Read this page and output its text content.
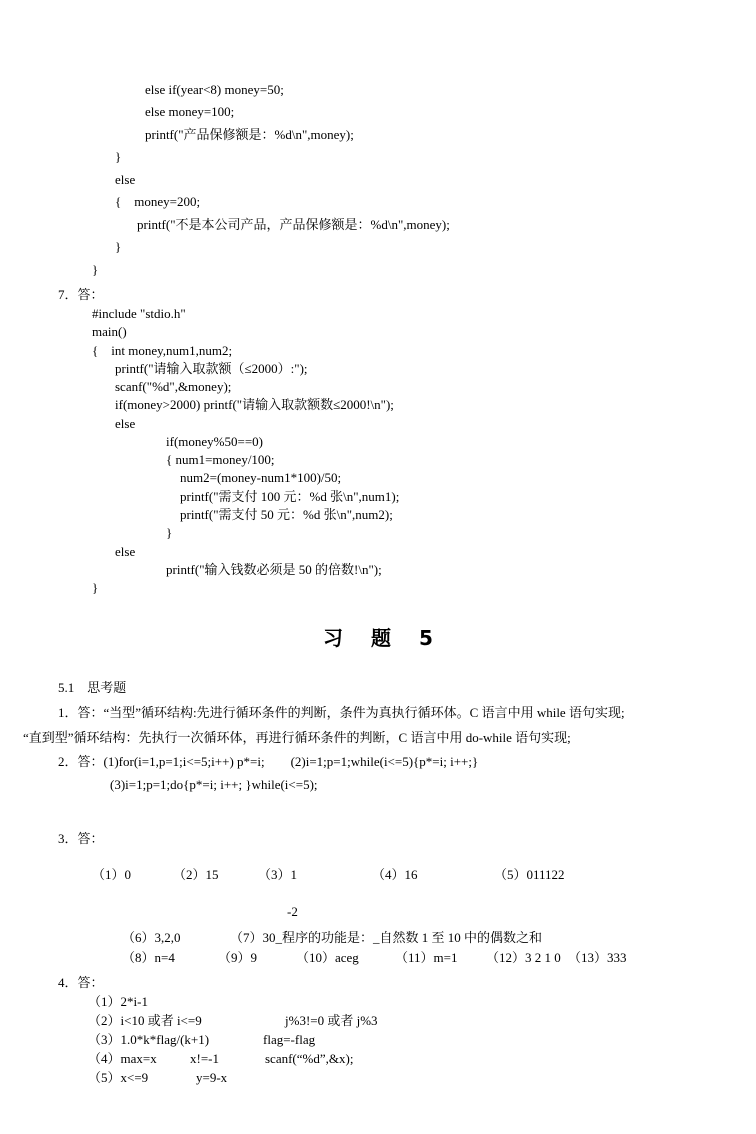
else if(year<8) money=50;
else money=100;
printf("产品保修额是：%d\n",money);
}
else
{    money=200;
printf("不是本公司产品，产品保修额是：%d\n",money);
}
}
7．答：
#include "stdio.h"
main()
{    int money,num1,num2;
printf("请输入取款额（≤2000）:");
scanf("%d",&money);
if(money>2000) printf("请输入取款额数≤2000!\n");
else
if(money%50==0)
{ num1=money/100;
num2=(money-num1*100)/50;
printf("需支付 100 元：%d 张\n",num1);
printf("需支付 50 元：%d 张\n",num2);
}
else
printf("输入钱数必须是 50 的倍数!\n");
}
习 题 5
5.1    思考题
1．答：“当型”循环结构:先进行循环条件的判断，条件为真执行循环体。C 语言中用 while 语句实现;
“直到型”循环结构：先执行一次循环体，再进行循环条件的判断，C 语言中用 do-while 语句实现;
2．答：(1)for(i=1,p=1;i<=5;i++) p*=i;        (2)i=1;p=1;while(i<=5){p*=i; i++;}
(3)i=1;p=1;do{p*=i; i++; }while(i<=5);
3．答：
（1）0	（2）15	（3）1	（4）16	（5）011122
-2
（6）3,2,0	（7）30_程序的功能是：_自然数 1 至 10 中的偶数之和
（8）n=4	（9）9	（10）aceg	（11）m=1 （12）3 2 1 0 （13）333
4．答：
（1）2*i-1
（2）i<10 或者 i<=9	j%3!=0 或者 j%3
（3）1.0*k*flag/(k+1)	flag=-flag
（4）max=x	x!=-1	scanf(“%d”,&x);
（5）x<=9	y=9-x
